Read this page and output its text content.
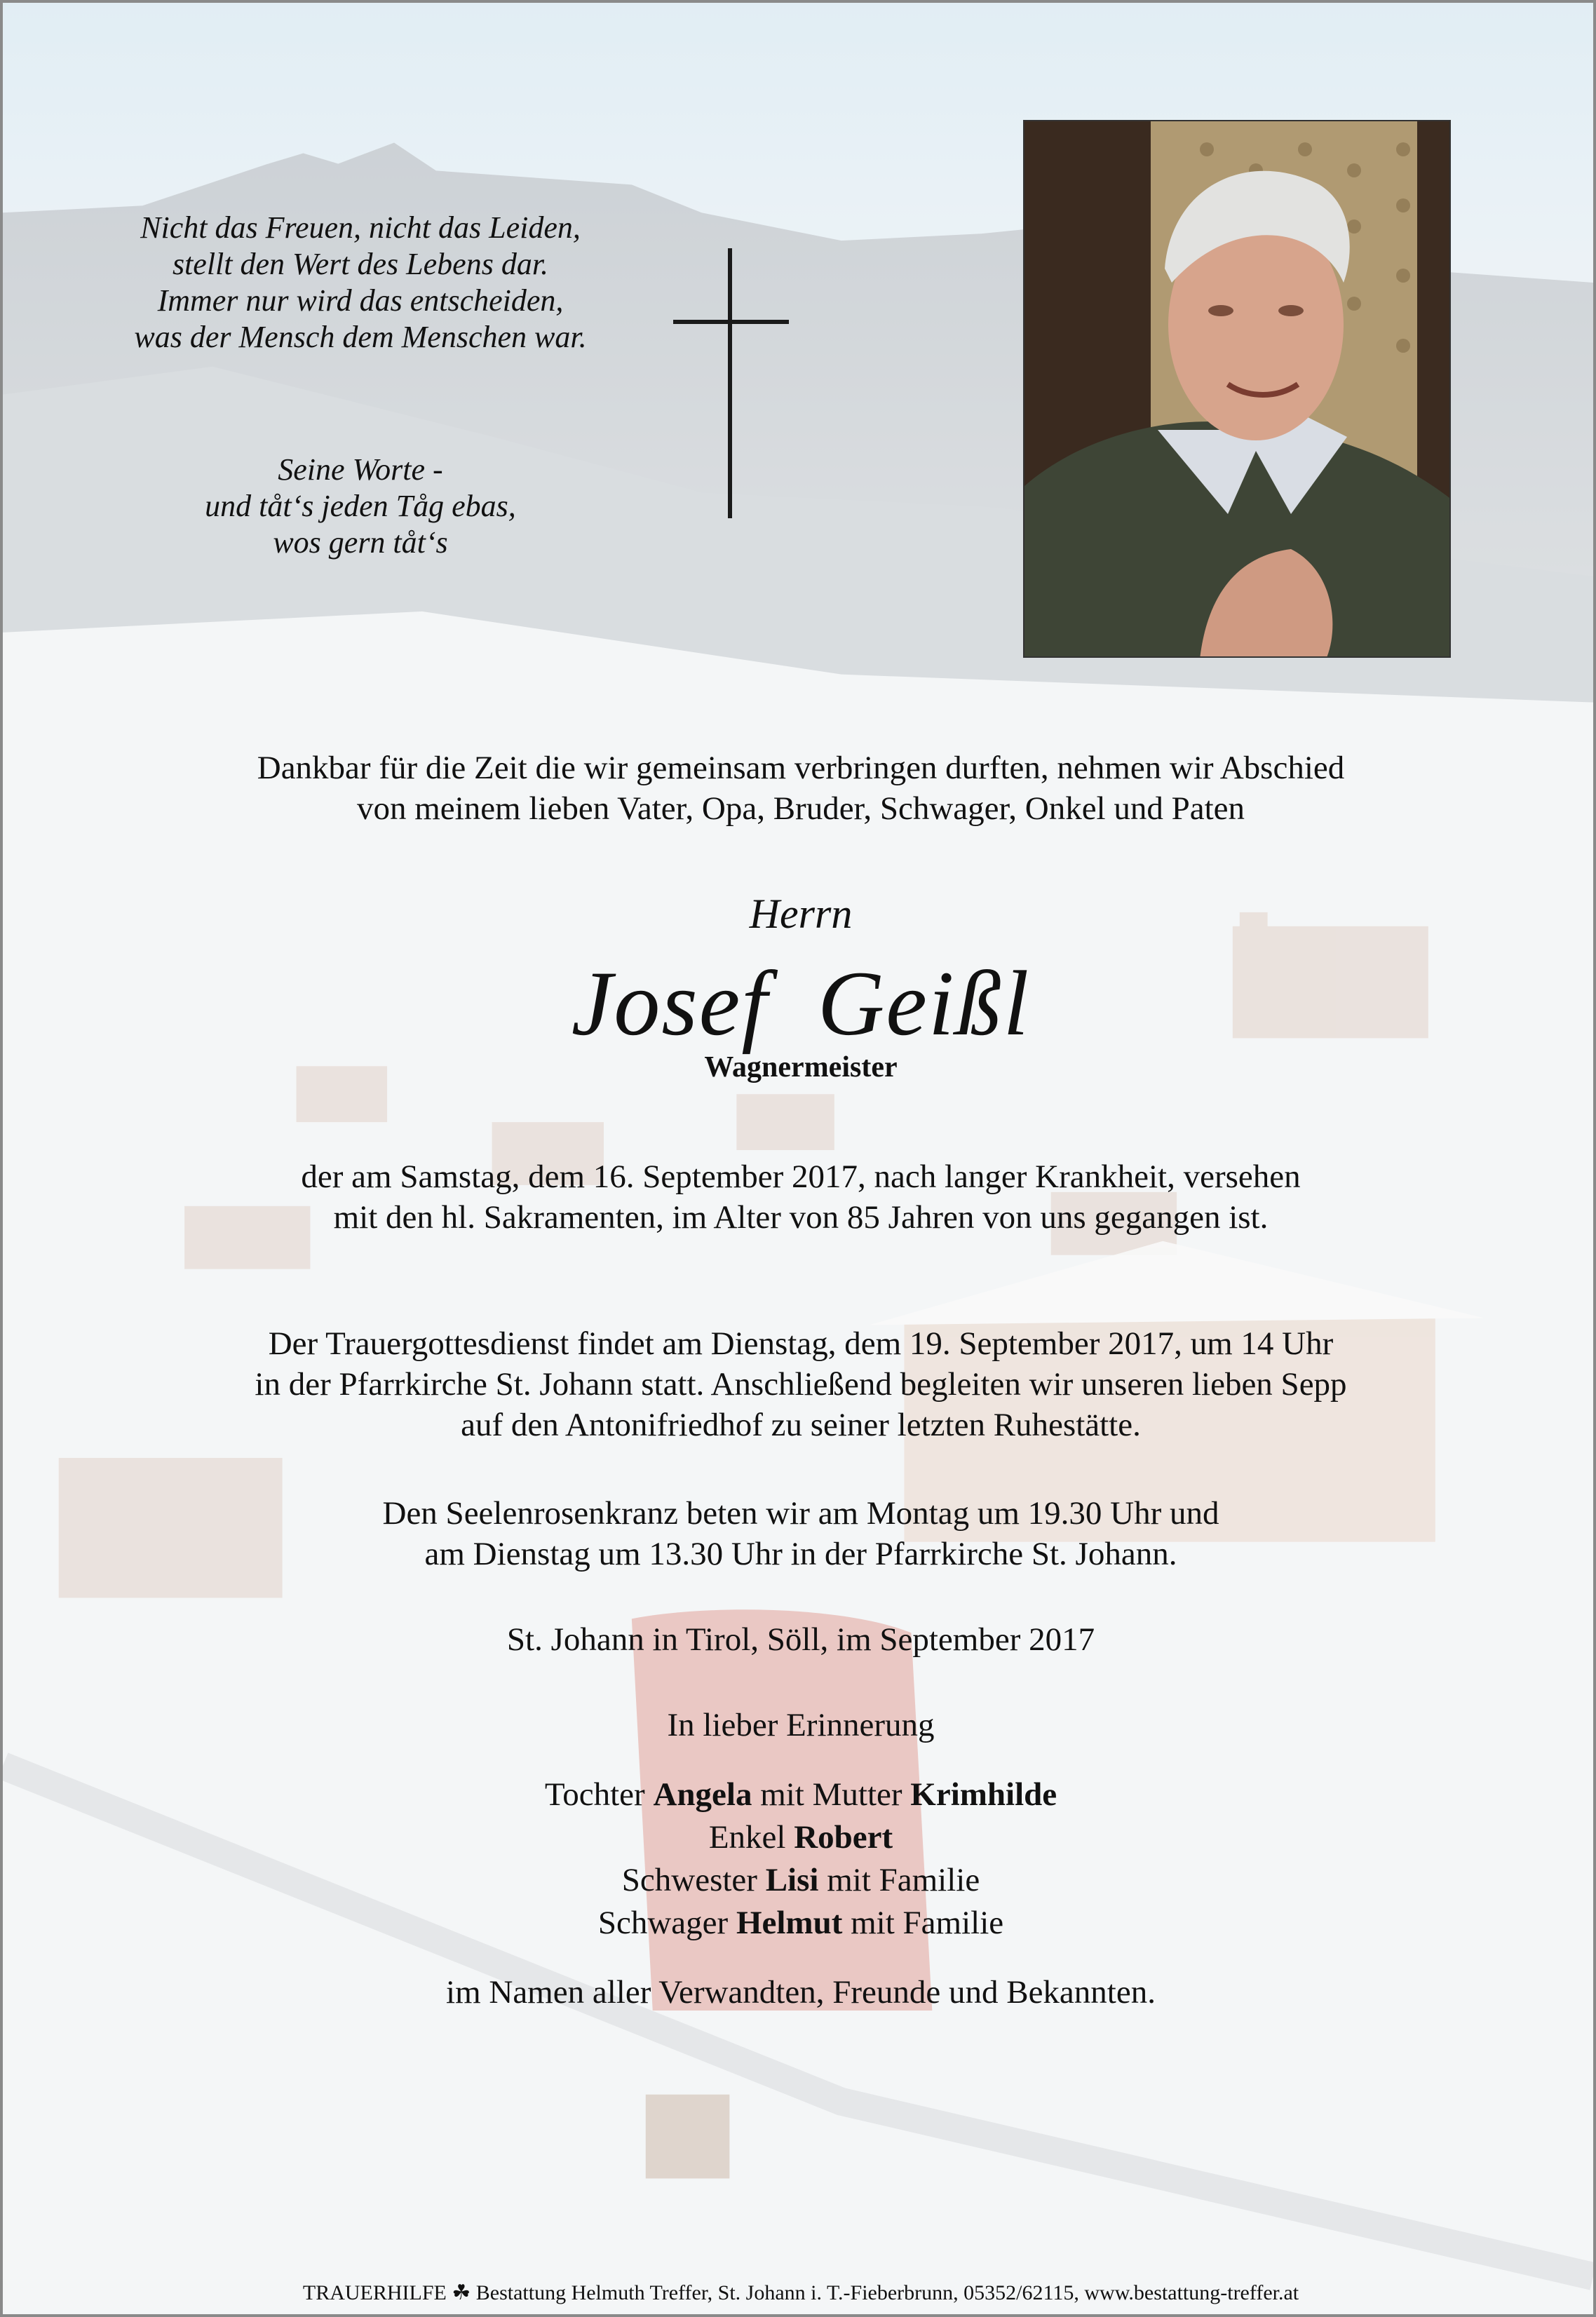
Nicht das Freuen, nicht das Leiden,
stellt den Wert des Lebens dar.
Immer nur wird das entscheiden,
was der Mensch dem Menschen war.
Seine Worte -
und tåt‘s jeden Tåg ebas,
wos gern tåt‘s
Dankbar für die Zeit die wir gemeinsam verbringen durften, nehmen wir Abschied
von meinem lieben Vater, Opa, Bruder, Schwager, Onkel und Paten
Herrn
Josef  Geißl
Wagnermeister
der am Samstag, dem 16. September 2017, nach langer Krankheit, versehen
mit den hl. Sakramenten, im Alter von 85 Jahren von uns gegangen ist.
Der Trauergottesdienst findet am Dienstag, dem 19. September 2017, um 14 Uhr
in der Pfarrkirche St. Johann statt. Anschließend begleiten wir unseren lieben Sepp
auf den Antonifriedhof zu seiner letzten Ruhestätte.
Den Seelenrosenkranz beten wir am Montag um 19.30 Uhr und
am Dienstag um 13.30 Uhr in der Pfarrkirche St. Johann.
St. Johann in Tirol, Söll, im September 2017
In lieber Erinnerung
Tochter Angela mit Mutter Krimhilde
Enkel Robert
Schwester Lisi mit Familie
Schwager Helmut mit Familie
im Namen aller Verwandten, Freunde und Bekannten.
TRAUERHILFE ☘ Bestattung Helmuth Treffer, St. Johann i. T.-Fieberbrunn, 05352/62115, www.bestattung-treffer.at
